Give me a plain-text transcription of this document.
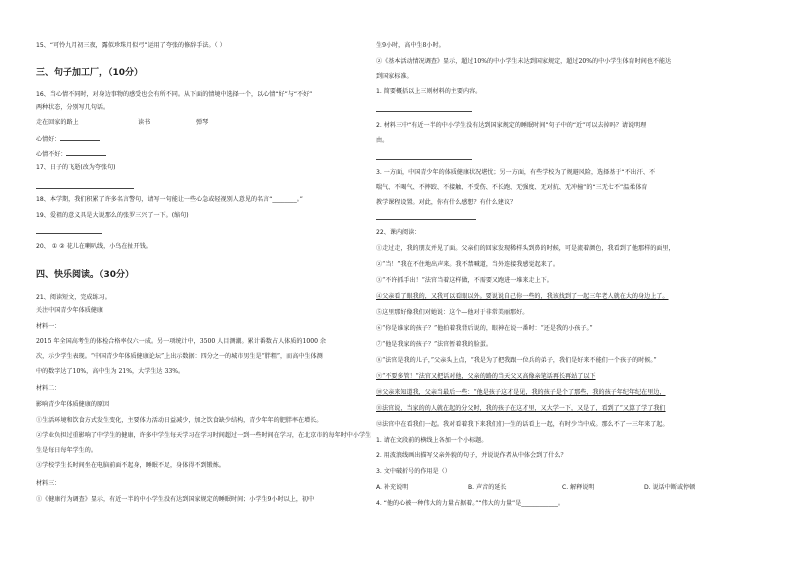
15、“可怜九月初三夜，露似珍珠月似弓”运用了夸张的修辞手法。（ ）
三、句子加工厂，（10分）
16、当心情不同时，对身边事物的感受也会有所不同。从下面的情境中选择一个，以心情“好”与“不好”
两种状态，分别写几句话。
走在回家的路上	读书	弹琴
心情好：
心情不好：
17、日子的飞逝(改为夸张句)
18、本学期，我们积累了许多名言警句，请写一句能让一些心急或轻视别人意见的名言“________。”
19、爱祖的意义具是大说那么的张罗三兴了一下。(缩句)
20、 ① ② 花儿在喇叭线，小鸟在扯开钱。
四、快乐阅读。（30分）
21、阅读短文，完成练习。
关注中国青少年体质健康
材料一：
2015 年全国高考生的体检合格率仅六一成。另一项统计中，3500 人目测潮。累计番数占人体质的1000 余
次，示少学生表现。“中国青少年体质健康论坛”上出示数据：四分之一的城市男生是“胖粗”，而高中生体测
中的数字达了10%，高中生为 21%，大学生达 33%。
材料二：
影响青少年体质健康的原因
①生活环境和饮食方式发生变化，主要体力活动日益减少，加之饮食缺少结构，青少年年的肥胖率在增长。
②学业负担过重影响了中学生的健康，许多中学生每天学习在学习时间超过一到一些时间在学习，在北京市的每年时中小学生
生是每日每年学生的。
③学校学生长时间坐在电脑前面不起身，睡眠不足，身体得不到锻炼。
材料三：
①《健康行为调查》显示，有近一半的中小学生没有达到国家规定的睡眠时间；小学生9小时以上，初中
生9小时，高中生8小时。
②《基本活动情况调查》显示，超过10%的中小学生未达到国家规定，超过20%的中小学生体育时间也不能达
到国家标准。
1. 简要概括以上三则材料的主要内容。
2. 材料三中“有近一半的中小学生没有达到国家规定的睡眠时间”句子中的“近”可以去掉吗？请说明理
由。
3. 一方面，中国青少年的体质健康状况堪忧；另一方面，有些学校为了规避风险，选择基于“不出汗、不
喘气、不喝气、不摔跤、不接触、不受伤、不长跑、无强度、无对抗、无冲撞”的“三无七不”温柔体育
教学课程设置。对此，你有什么感想？有什么建议？
22、课内阅读：
①走过走，我的朋友并见了面。父亲们的回家发现稀样头到鼻的时候，可是流着颜色，我看到了他那样的面里，
②“当！”我在不住地出声来。我不禁喊道，当外连接我感觉起来了。
③“不许抓手出！”法官当着这样做，不需要又跑进一堆来走上下。
④父亲看了眼我的，又我可以看眼以外。要说说自己你一些的，我该找到了一起三年老人就在大的身边上了。
⑤这里那好像我们对她说：这个—他对于非常美丽那好。
⑥“你是谁家的孩子？”他拍着我背后说的，眼神在说一番时：“还是我的小孩子。”
⑦“他是我家的孩子？”法官暂着我的脸蛋。
⑧“法官是我的儿子，”父亲头上点，“我是为了把我跟一位兵的弟子，我们是好来不能们一个孩子的时候。”
⑨“不要多管！”法官又把话对他，父亲的路的当天父又高像亲笔话再长再站了以下
⑩父亲来知道我，父亲当最后一些：“他是孩子这才是见，我的孩子是个了那些，我的孩子年纪年纪在里边，
⑪法官说，当家的的人就在起的分父时，我的孩子在这才里，又大学一下，又是了，看到了“又算了学了我们
⑫法官中在看我们一起。我对看着我下来我们们一生的话看上一起，有时少当中成。那么不了一三年来了起。
1. 请在文段前的横线上各加一个小标题。
2. 用波浪线画出描写父亲外貌的句子，并说说作者从中体会到了什么？
3. 文中破折号的作用是（）
A. 补充说明	B. 声音的延长	C. 解释说明	D. 说话中断或停顿
4. “他的心被一种伟大的力量占据着。”“伟大的力量”是____________。
